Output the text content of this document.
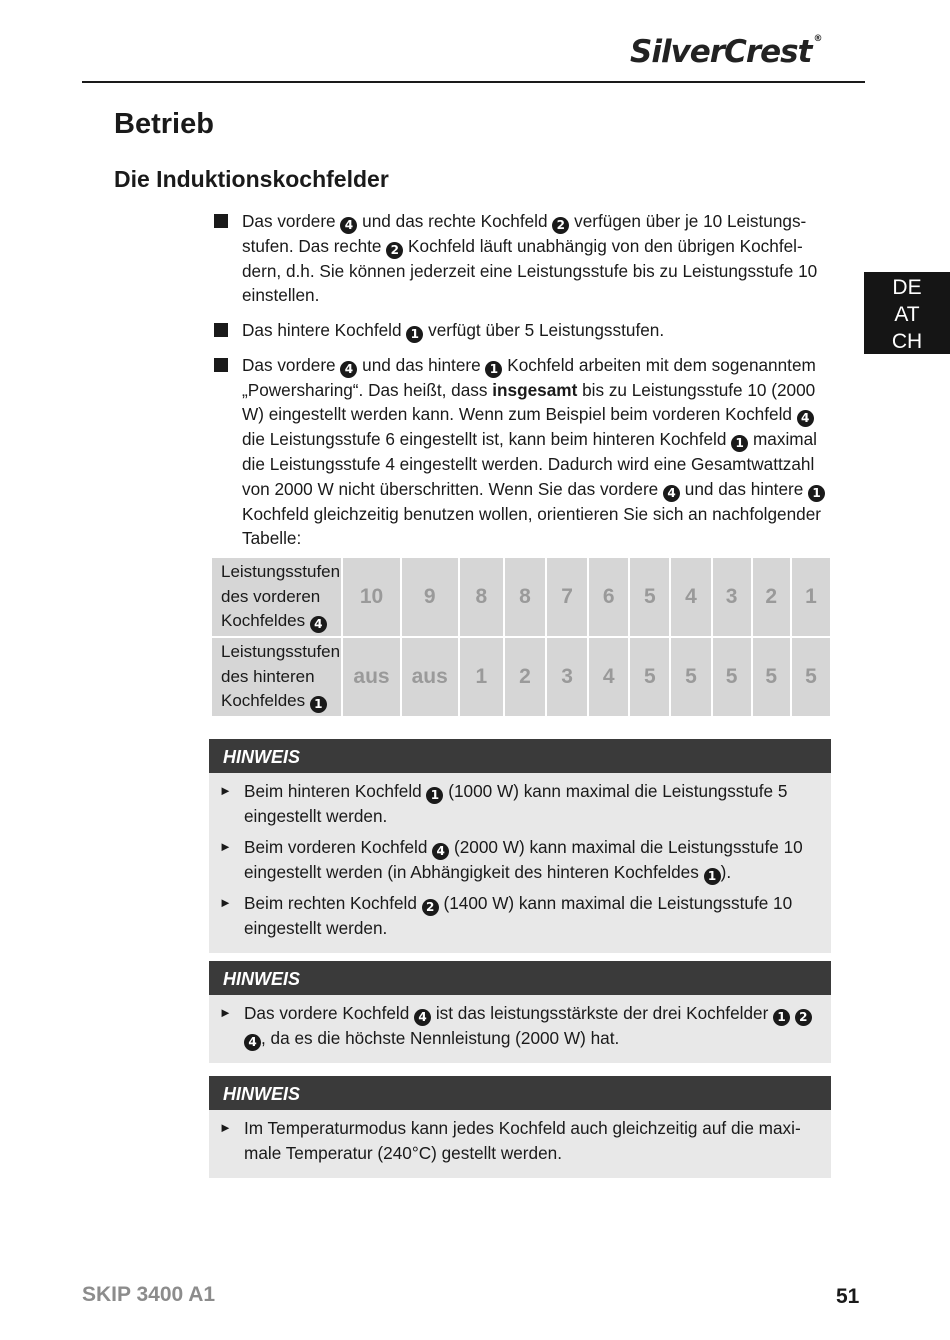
SilverCrest ®
Betrieb
Die Induktionskochfelder
DE
AT
CH
Das vordere 4 und das rechte Kochfeld 2 verfügen über je 10 Leistungs-stufen. Das rechte 2 Kochfeld läuft unabhängig von den übrigen Kochfel-dern, d.h. Sie können jederzeit eine Leistungsstufe bis zu Leistungsstufe 10 einstellen.
Das hintere Kochfeld 1 verfügt über 5 Leistungsstufen.
Das vordere 4 und das hintere 1 Kochfeld arbeiten mit dem sogenanntem „Powersharing“. Das heißt, dass insgesamt bis zu Leistungsstufe 10 (2000 W) eingestellt werden kann. Wenn zum Beispiel beim vorderen Kochfeld 4 die Leistungsstufe 6 eingestellt ist, kann beim hinteren Kochfeld 1 maximal die Leistungsstufe 4 eingestellt werden. Dadurch wird eine Gesamtwattzahl von 2000 W nicht überschritten. Wenn Sie das vordere 4 und das hintere 1 Kochfeld gleichzeitig benutzen wollen, orientieren Sie sich an nachfolgender Tabelle:
Leistungsstufen
des vorderen
Kochfeldes 4	10	9	8	8	7	6	5	4	3	2	1
Leistungsstufen
des hinteren
Kochfeldes 1	aus	aus	1	2	3	4	5	5	5	5	5
HINWEIS
► Beim hinteren Kochfeld 1 (1000 W) kann maximal die Leistungsstufe 5 eingestellt werden.
► Beim vorderen Kochfeld 4 (2000 W) kann maximal die Leistungsstufe 10 eingestellt werden (in Abhängigkeit des hinteren Kochfeldes 1 ).
► Beim rechten Kochfeld 2 (1400 W) kann maximal die Leistungsstufe 10 eingestellt werden.
HINWEIS
► Das vordere Kochfeld 4 ist das leistungsstärkste der drei Kochfelder 1 2 4 , da es die höchste Nennleistung (2000 W) hat.
HINWEIS
► Im Temperaturmodus kann jedes Kochfeld auch gleichzeitig auf die maxi-male Temperatur (240°C) gestellt werden.
SKIP 3400 A1	51
